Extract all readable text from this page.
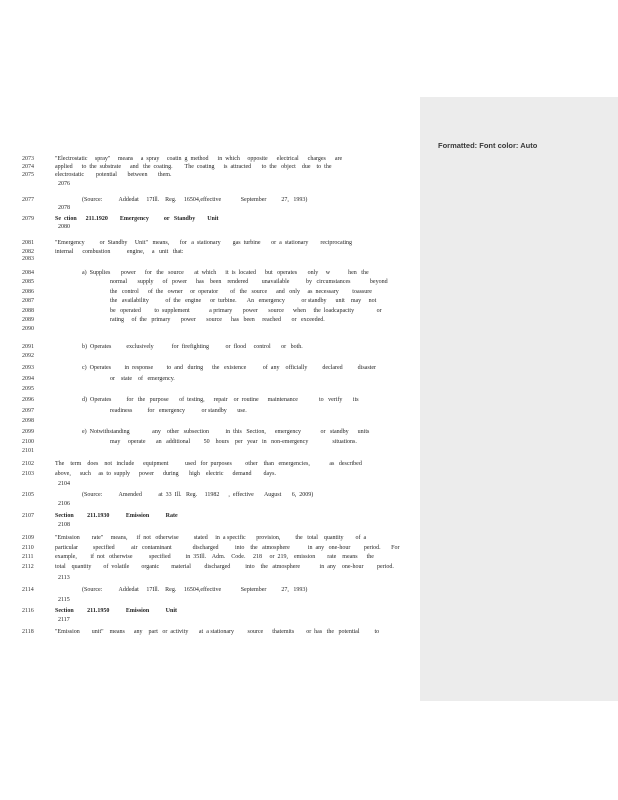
Formatted: Font color: Auto
2073	"Electrostatic     spray"     means     a  spray     coatin  g  method      in  which     opposite      electrical      charges      are
2074	applied      to  the  substrate      and   the  coating.        The  coating      is  attracted       to  the   object    due    to  the
2075	electrostatic        potential       between       them.
2076
2077	(Source:           Addedat     17Ill.    Reg.     16504,effective             September          27,   1993)
2078
2079	Se  ction      211.1920        Emergency          or   Standby        Unit
2080
2081	"Emergency          or  Standby     Unit"   means,       for   a  stationary        gas  turbine       or  a  stationary        reciprocating
2082	internal      combustion           engine,     a   unit   that:
2083
2084	a)  Supplies       power      for   the   source       at  which      it  is  located      but   operates       only     w            hen   the
2085	normal       supply      of   power      has    been    rendered         unavailable           by   circumstances             beyond
2086	the   control      of  the   owner     or  operator        of   the   source      and   only     as  necessary         toassure
2087	the   availability           of  the   engine      or  turbine.       An   emergency           or standby      unit    may     not
2088	be   operated         to  supplement             a primary       power       source      when     the  loadcapacity               or
2089	rating     of  the   primary       power       source      has   been     reached       or   exceeded.
2090
2091	b)  Operates          exclusively            for  firefighting           or  flood     control       or   both.
2092
2093	c)  Operates         in  response         to  and   during      the   existence           of  any    officially          declared          disaster
2094	or    state    of   emergency.
2095
2096	d)  Operates          for   the   purpose       of  testing,      repair    or  routine      maintenance              to   verify       its
2097	readiness          for   emergency           or standby       use.
2098
2099	e)  Notwithstanding               any    other   subsection           in  this   Section,      emergency             or   standby      units
2100	may     operate       an   additional         50    hours    per   year   in   non-emergency                situations.
2101
2102	The    term    does    not   include      equipment           used   for  purposes         other    than   emergencies,             as   described
2103	above,      such     as  to  supply      power      during       high    electric      demand        days.
2104
2105	(Source:           Amended           at  33  Ill.   Reg.     11982      ,  effective       August       6,  2009)
2106
2107	Section         211.1930           Emission           Rate
2108
2109	"Emission        rate"     means,      if  not   otherwise          stated     in  a specific       provision,          the   total    quantity        of  a
2110	particular          specified           air   contaminant              discharged           into    the   atmosphere            in  any   one-hour         period.       For
2111	example,         if  not   otherwise           specified          in  35Ill.    Adm.    Code.     218     or  219,    emission        rate    means      the
2112	total    quantity        of  volatile        organic        material         discharged          into    the   atmosphere             in  any    one-hour         period.
2113
2114	(Source:           Addedat     17Ill.    Reg.     16504,effective             September          27,   1993)
2115
2116	Section         211.1950           Emission           Unit
2117
2118	"Emission        unit"    means      any    part   or  activity       at  a stationary         source      thatemits        or  has   the   potential          to
